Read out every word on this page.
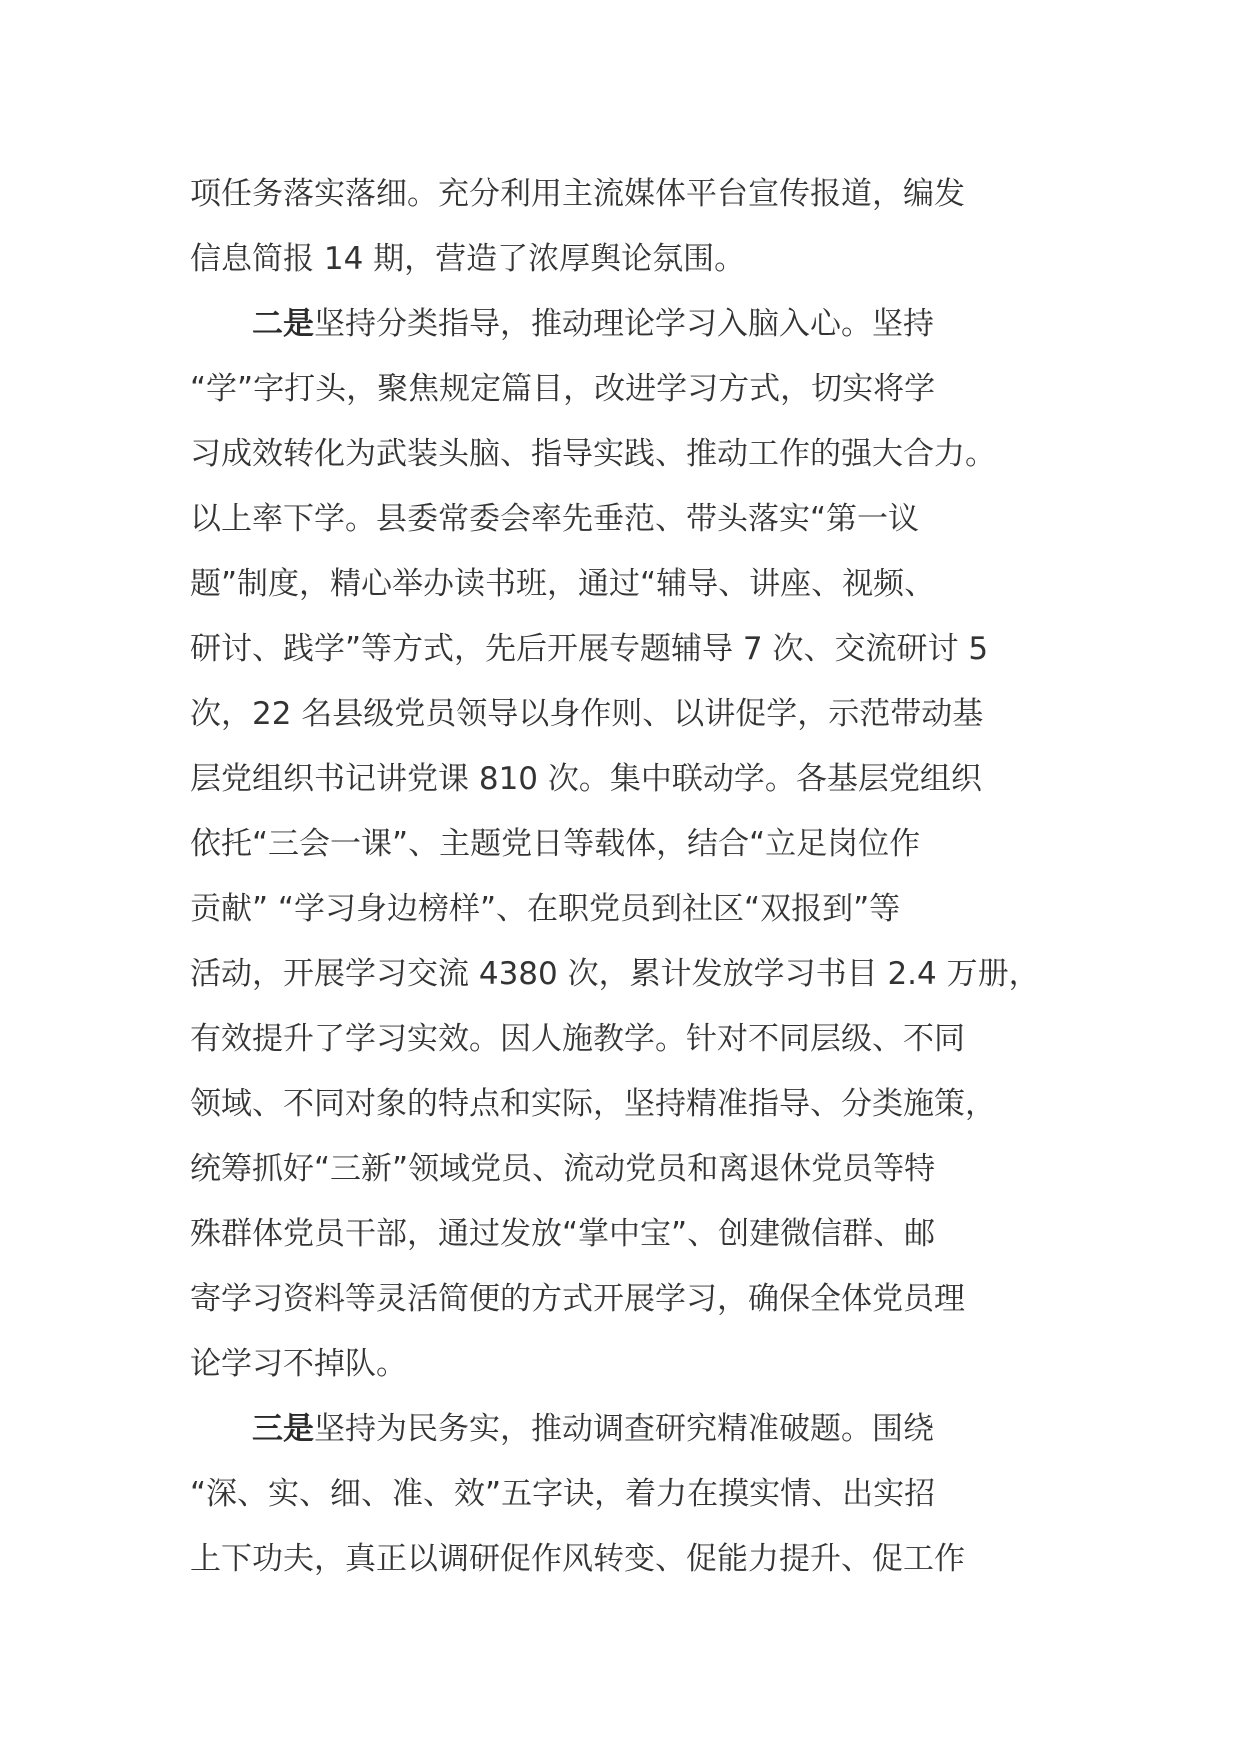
项任务落实落细。充分利用主流媒体平台宣传报道，编发
信息简报 14 期，营造了浓厚舆论氛围。
二是坚持分类指导，推动理论学习入脑入心。坚持
“学”字打头，聚焦规定篇目，改进学习方式，切实将学
习成效转化为武装头脑、指导实践、推动工作的强大合力。
以上率下学。县委常委会率先垂范、带头落实“第一议
题”制度，精心举办读书班，通过“辅导、讲座、视频、
研讨、践学”等方式，先后开展专题辅导 7 次、交流研讨 5
次，22 名县级党员领导以身作则、以讲促学，示范带动基
层党组织书记讲党课 810 次。集中联动学。各基层党组织
依托“三会一课”、主题党日等载体，结合“立足岗位作
贡献” “学习身边榜样”、在职党员到社区“双报到”等
活动，开展学习交流 4380 次，累计发放学习书目 2.4 万册，
有效提升了学习实效。因人施教学。针对不同层级、不同
领域、不同对象的特点和实际，坚持精准指导、分类施策，
统筹抓好“三新”领域党员、流动党员和离退休党员等特
殊群体党员干部，通过发放“掌中宝”、创建微信群、邮
寄学习资料等灵活简便的方式开展学习，确保全体党员理
论学习不掉队。
三是坚持为民务实，推动调查研究精准破题。围绕
“深、实、细、准、效”五字诀，着力在摸实情、出实招
上下功夫，真正以调研促作风转变、促能力提升、促工作
